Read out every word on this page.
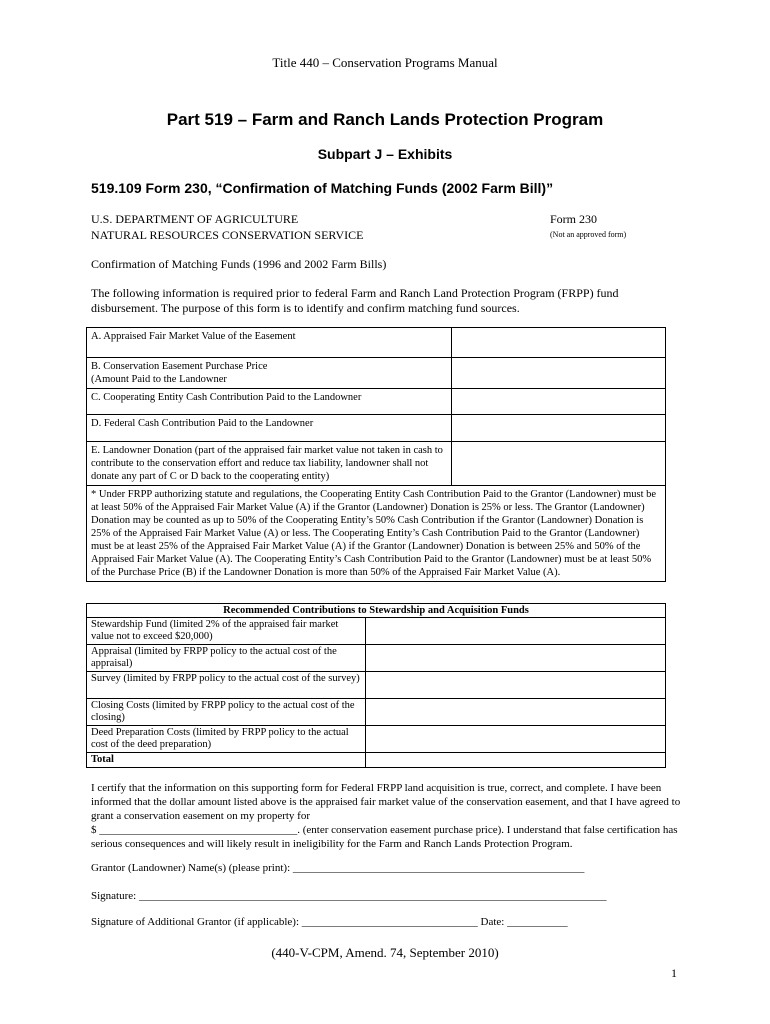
Title 440 – Conservation Programs Manual
Part 519 – Farm and Ranch Lands Protection Program
Subpart J – Exhibits
519.109 Form 230, “Confirmation of Matching Funds (2002 Farm Bill)”
U.S. DEPARTMENT OF AGRICULTURE
NATURAL RESOURCES CONSERVATION SERVICE
Form 230
(Not an approved form)
Confirmation of Matching Funds (1996 and 2002 Farm Bills)
The following information is required prior to federal Farm and Ranch Land Protection Program (FRPP) fund disbursement. The purpose of this form is to identify and confirm matching fund sources.
A. Appraised Fair Market Value of the Easement	

B. Conservation Easement Purchase Price
(Amount Paid to the Landowner	

C. Cooperating Entity Cash Contribution Paid to the Landowner	
D. Federal Cash Contribution Paid to the Landowner	
E. Landowner Donation (part of the appraised fair market value not taken in cash to contribute to the conservation effort and reduce tax liability, landowner shall not donate any part of C or D back to the cooperating entity)	
* Under FRPP authorizing statute and regulations, the Cooperating Entity Cash Contribution Paid to the Grantor (Landowner) must be at least 50% of the Appraised Fair Market Value (A) if the Grantor (Landowner) Donation is 25% or less. The Grantor (Landowner) Donation may be counted as up to 50% of the Cooperating Entity’s 50% Cash Contribution if the Grantor (Landowner) Donation is 25% of the Appraised Fair Market Value (A) or less. The Cooperating Entity’s Cash Contribution Paid to the Grantor (Landowner) must be at least 25% of the Appraised Fair Market Value (A) if the Grantor (Landowner) Donation is between 25% and 50% of the Appraised Fair Market Value (A). The Cooperating Entity’s Cash Contribution Paid to the Grantor (Landowner) must be at least 50% of the Purchase Price (B) if the Landowner Donation is more than 50% of the Appraised Fair Market Value (A).	
Recommended Contributions to Stewardship and Acquisition Funds	
Stewardship Fund (limited 2% of the appraised fair market value not to exceed $20,000)	
Appraisal (limited by FRPP policy to the actual cost of the appraisal)	
Survey (limited by FRPP policy to the actual cost of the survey)	
Closing Costs (limited by FRPP policy to the actual cost of the closing)	
Deed Preparation Costs (limited by FRPP policy to the actual cost of the deed preparation)	
Total	
I certify that the information on this supporting form for Federal FRPP land acquisition is true, correct, and complete. I have been informed that the dollar amount listed above is the appraised fair market value of the conservation easement, and that I have agreed to grant a conservation easement on my property for
$ ____________________________________. (enter conservation easement purchase price). I understand that false certification has serious consequences and will likely result in ineligibility for the Farm and Ranch Lands Protection Program.
Grantor (Landowner) Name(s) (please print): _____________________________________________________
Signature: _____________________________________________________________________________________
Signature of Additional Grantor (if applicable): ________________________________ Date: ___________
(440-V-CPM, Amend. 74, September 2010)
1
